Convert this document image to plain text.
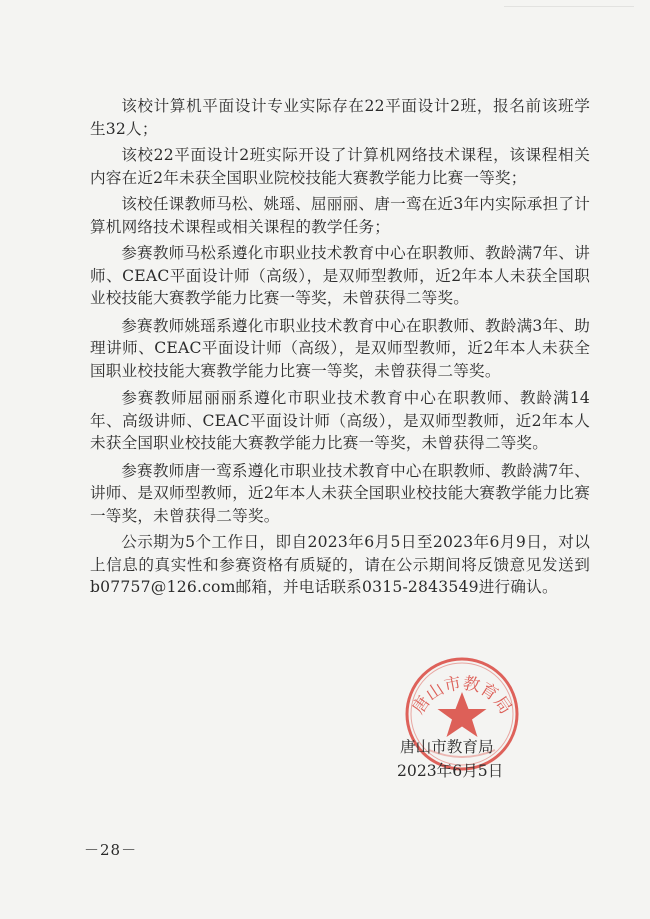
该校计算机平面设计专业实际存在22平面设计2班，报名前该班学生32人；

该校22平面设计2班实际开设了计算机网络技术课程，该课程相关内容在近2年未获全国职业院校技能大赛教学能力比赛一等奖；

该校任课教师马松、姚瑶、屈丽丽、唐一鸾在近3年内实际承担了计算机网络技术课程或相关课程的教学任务；

参赛教师马松系遵化市职业技术教育中心在职教师、教龄满7年、讲师、CEAC平面设计师（高级），是双师型教师，近2年本人未获全国职业校技能大赛教学能力比赛一等奖，未曾获得二等奖。

参赛教师姚瑶系遵化市职业技术教育中心在职教师、教龄满3年、助理讲师、CEAC平面设计师（高级），是双师型教师，近2年本人未获全国职业校技能大赛教学能力比赛一等奖，未曾获得二等奖。

参赛教师屈丽丽系遵化市职业技术教育中心在职教师、教龄满14年、高级讲师、CEAC平面设计师（高级），是双师型教师，近2年本人未获全国职业校技能大赛教学能力比赛一等奖，未曾获得二等奖。

参赛教师唐一鸾系遵化市职业技术教育中心在职教师、教龄满7年、讲师、是双师型教师，近2年本人未获全国职业校技能大赛教学能力比赛一等奖，未曾获得二等奖。

公示期为5个工作日，即自2023年6月5日至2023年6月9日，对以上信息的真实性和参赛资格有质疑的，请在公示期间将反馈意见发送到b07757@126.com邮箱，并电话联系0315-2843549进行确认。

唐山市教育局
唐山市教育局
2023年6月5日
－28－
